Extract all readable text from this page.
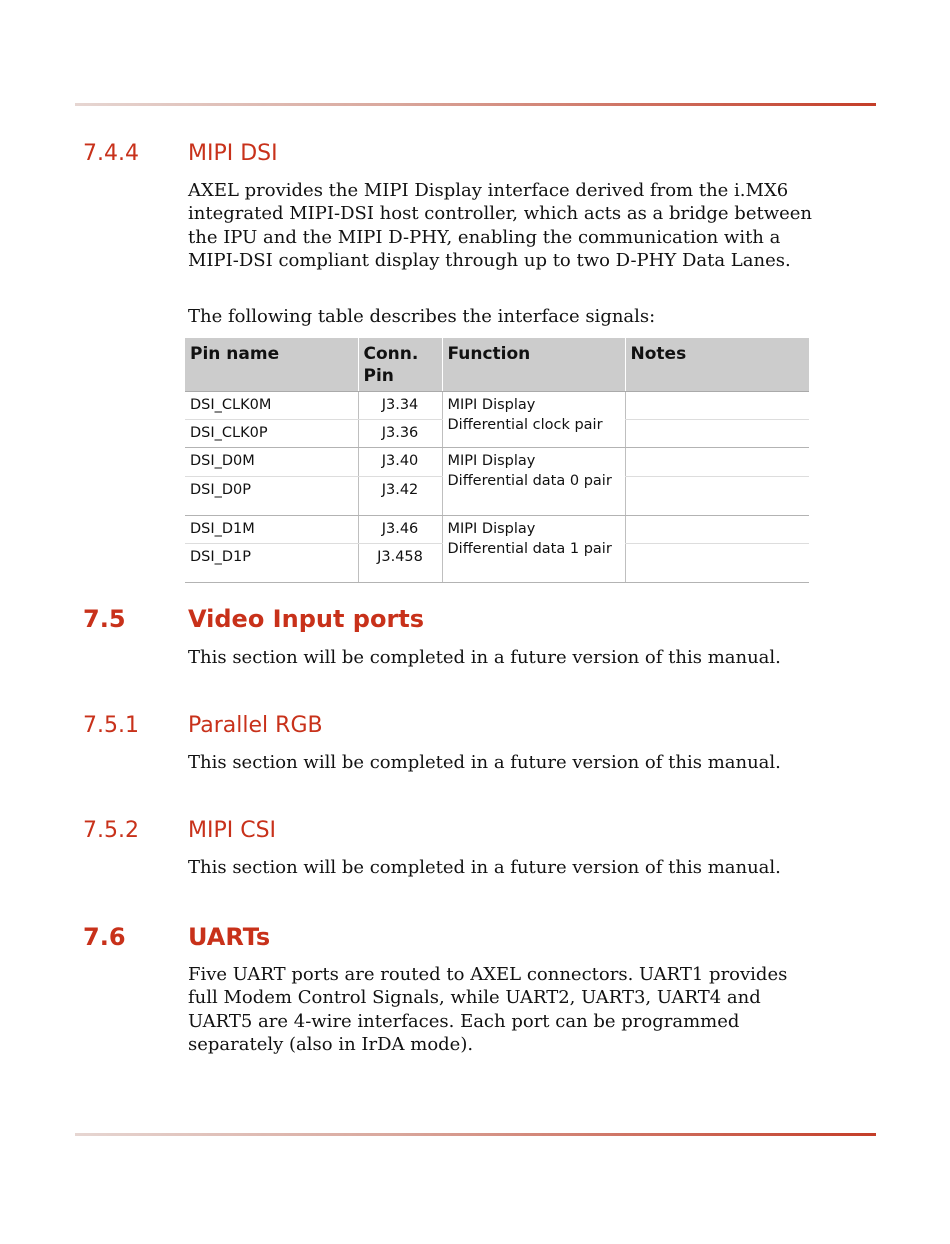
7.4.4 MIPI DSI

AXEL provides the MIPI Display interface derived from the i.MX6 integrated MIPI-DSI host controller, which acts as a bridge between the IPU and the MIPI D-PHY, enabling the communication with a MIPI-DSI compliant display through up to two D-PHY Data Lanes.

The following table describes the interface signals:

Pin name	Conn. Pin	Function	Notes
DSI_CLK0M	J3.34	MIPI Display Differential clock pair	
DSI_CLK0P	J3.36		
DSI_D0M	J3.40	MIPI Display Differential data 0 pair	
DSI_D0P	J3.42		
DSI_D1M	J3.46	MIPI Display Differential data 1 pair	
DSI_D1P	J3.458		
7.5	Video Input ports

This section will be completed in a future version of this manual.

7.5.1 Parallel RGB

This section will be completed in a future version of this manual.

7.5.2 MIPI CSI

This section will be completed in a future version of this manual.

7.6	UARTs

Five UART ports are routed to AXEL connectors. UART1 provides full Modem Control Signals, while UART2, UART3, UART4 and UART5 are 4-wire interfaces. Each port can be programmed separately (also in IrDA mode).
